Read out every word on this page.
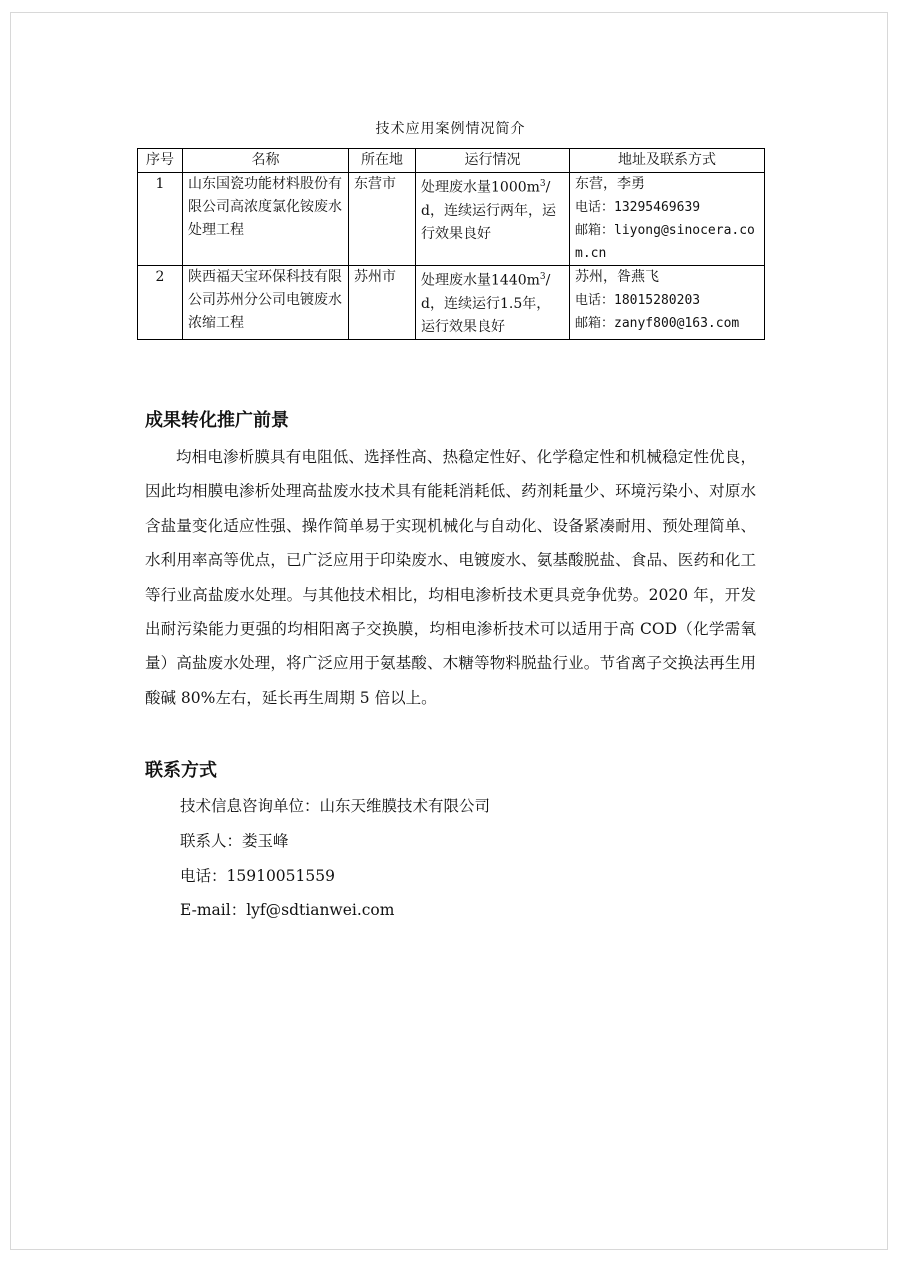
技术应用案例情况简介
序号	名称	所在地	运行情况	地址及联系方式
1	山东国瓷功能材料股份有限公司高浓度氯化铵废水处理工程	东营市	处理废水量$1000m^3/d$，连续运行两年，运行效果良好	东营，李勇
电话：13295469639
邮箱：liyong@sinocera.com.cn

2	陕西福天宝环保科技有限公司苏州分公司电镀废水浓缩工程	苏州市	处理废水量$1440m^3/d$，连续运行1.5年，运行效果良好	苏州，昝燕飞
电话：18015280203
邮箱：zanyf800@163.com
成果转化推广前景

均相电渗析膜具有电阻低、选择性高、热稳定性好、化学稳定性和机械稳定性优良，因此均相膜电渗析处理高盐废水技术具有能耗消耗低、药剂耗量少、环境污染小、对原水含盐量变化适应性强、操作简单易于实现机械化与自动化、设备紧凑耐用、预处理简单、水利用率高等优点，已广泛应用于印染废水、电镀废水、氨基酸脱盐、食品、医药和化工等行业高盐废水处理。与其他技术相比，均相电渗析技术更具竞争优势。2020 年，开发出耐污染能力更强的均相阳离子交换膜，均相电渗析技术可以适用于高 COD（化学需氧量）高盐废水处理，将广泛应用于氨基酸、木糖等物料脱盐行业。节省离子交换法再生用酸碱 80%左右，延长再生周期 5 倍以上。

联系方式
技术信息咨询单位：山东天维膜技术有限公司
联系人：娄玉峰
电话：15910051559
E-mail：lyf@sdtianwei.com
